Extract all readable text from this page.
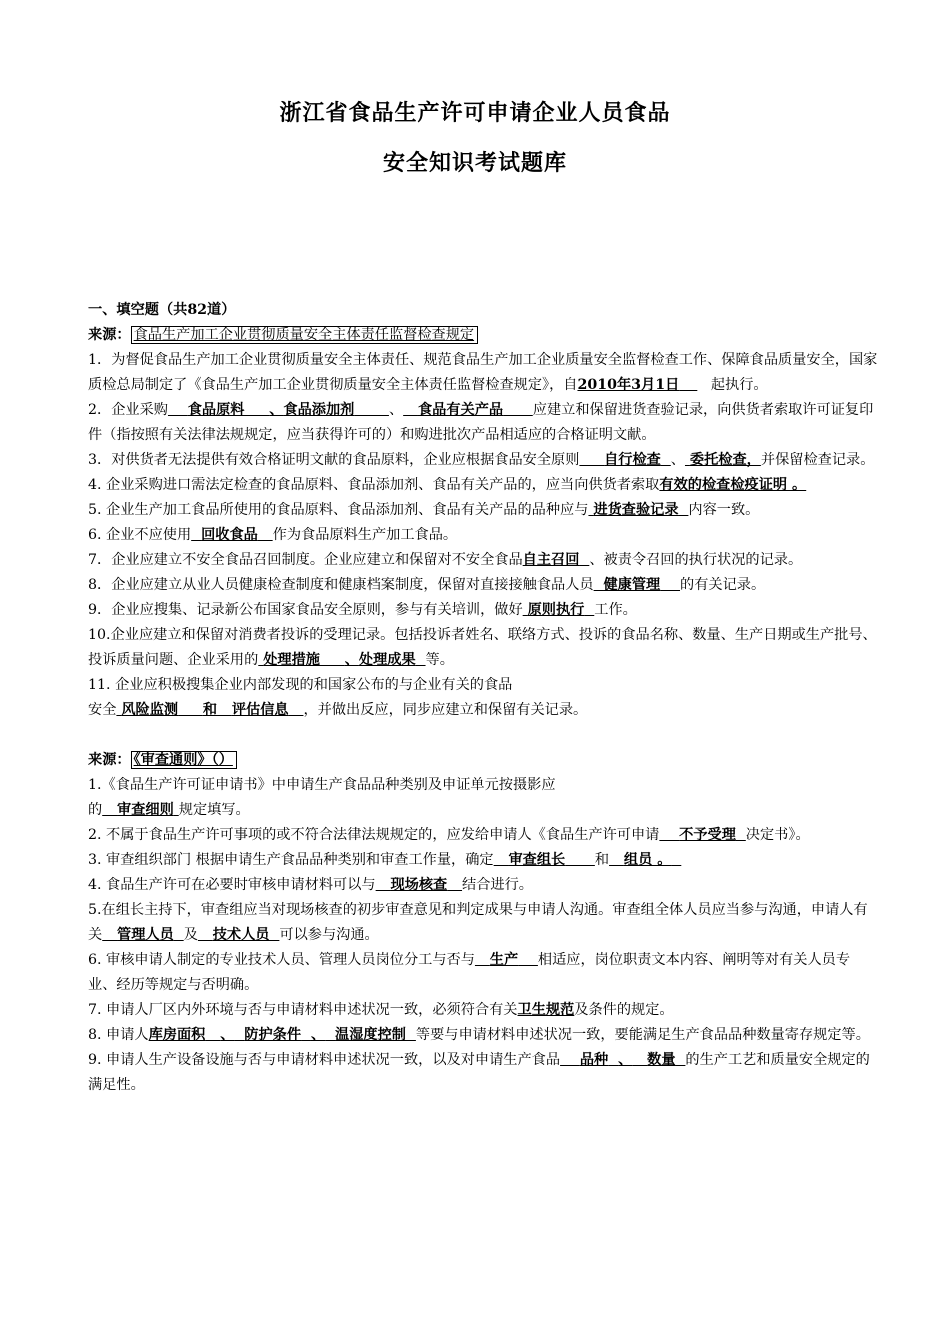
浙江省食品生产许可申请企业人员食品
安全知识考试题库

一、填空题（共82道）

来源： 食品生产加工企业贯彻质量安全主体责任监督检查规定

1．为督促食品生产加工企业贯彻质量安全主体责任、规范食品生产加工企业质量安全监督检查工作、保障食品质量安全，国家质检总局制定了《食品生产加工企业贯彻质量安全主体责任监督检查规定》，自2010年3月1日 起执行。

2．企业采购 食品原料 、食品添加剂 、 食品有关产品 应建立和保留进货查验记录，向供货者索取许可证复印件（指按照有关法律法规规定，应当获得许可的）和购进批次产品相适应的合格证明文献。

3．对供货者无法提供有效合格证明文献的食品原料，企业应根据食品安全原则 自行检查 、 委托检查，并保留检查记录。

4. 企业采购进口需法定检查的食品原料、食品添加剂、食品有关产品的，应当向供货者索取有效的检查检疫证明 。

5. 企业生产加工食品所使用的食品原料、食品添加剂、食品有关产品的品种应与 进货查验记录 内容一致。

6. 企业不应使用 回收食品 作为食品原料生产加工食品。

7．企业应建立不安全食品召回制度。企业应建立和保留对不安全食品自主召回 、被责令召回的执行状况的记录。

8．企业应建立从业人员健康检查制度和健康档案制度，保留对直接接触食品人员 健康管理 的有关记录。

9．企业应搜集、记录新公布国家食品安全原则，参与有关培训，做好 原则执行 工作。

10.企业应建立和保留对消费者投诉的受理记录。包括投诉者姓名、联络方式、投诉的食品名称、数量、生产日期或生产批号、投诉质量问题、企业采用的 处理措施 、处理成果 等。

11. 企业应积极搜集企业内部发现的和国家公布的与企业有关的食品
安全 风险监测 和 评估信息 ，并做出反应，同步应建立和保留有关记录。

来源： 《审查通则》（）

1.《食品生产许可证申请书》中申请生产食品品种类别及申证单元按摄影应
的 审查细则 规定填写。

2. 不属于食品生产许可事项的或不符合法律法规规定的，应发给申请人《食品生产许可申请 不予受理 决定书》。

3. 审查组织部门 根据申请生产食品品种类别和审查工作量，确定 审查组长 和 组员 。

4. 食品生产许可在必要时审核申请材料可以与 现场核查 结合进行。

5.在组长主持下，审查组应当对现场核查的初步审查意见和判定成果与申请人沟通。审查组全体人员应当参与沟通，申请人有关 管理人员 及 技术人员 可以参与沟通。

6. 审核申请人制定的专业技术人员、管理人员岗位分工与否与 生产 相适应，岗位职责文本内容、阐明等对有关人员专业、经历等规定与否明确。

7. 申请人厂区内外环境与否与申请材料申述状况一致，必须符合有关卫生规范及条件的规定。

8. 申请人库房面积 、 防护条件 、 温湿度控制 等要与申请材料申述状况一致，要能满足生产食品品种数量寄存规定等。

9. 申请人生产设备设施与否与申请材料申述状况一致，以及对申请生产食品 品种 、 数量 的生产工艺和质量安全规定的满足性。
